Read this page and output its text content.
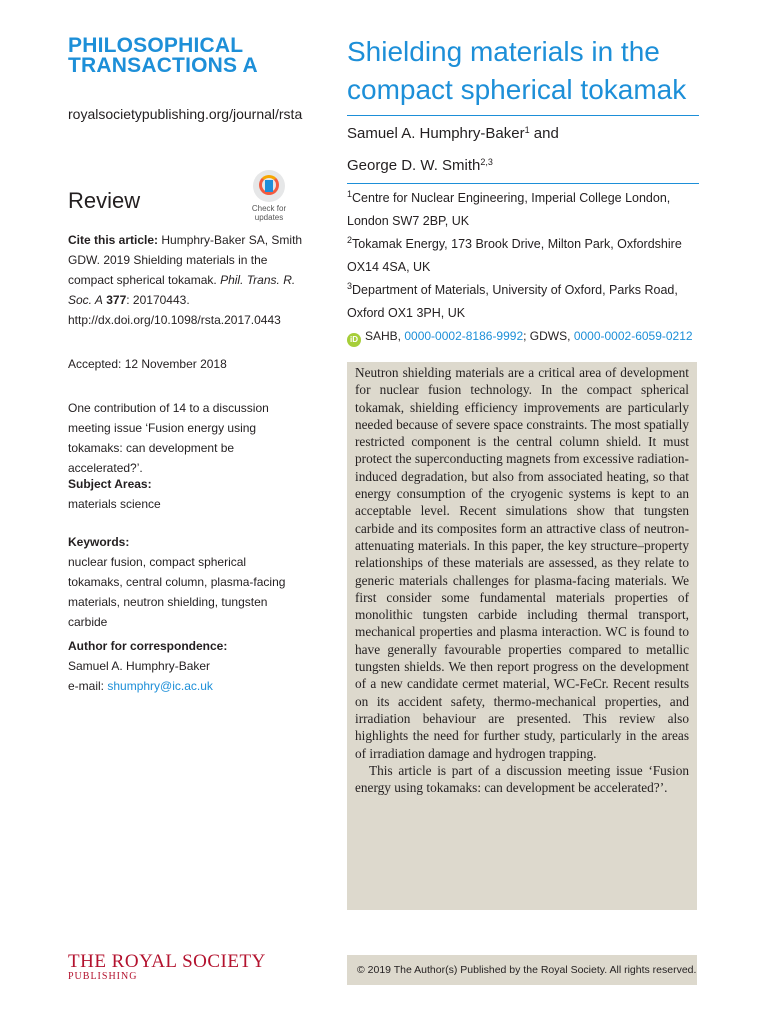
PHILOSOPHICAL
TRANSACTIONS A
royalsocietypublishing.org/journal/rsta
Review	Check for
updates
Cite this article: Humphry-Baker SA, Smith GDW. 2019 Shielding materials in the compact spherical tokamak. Phil. Trans. R. Soc. A 377: 20170443.
http://dx.doi.org/10.1098/rsta.2017.0443
Accepted: 12 November 2018
One contribution of 14 to a discussion meeting issue ‘Fusion energy using tokamaks: can development be accelerated?’.
Subject Areas:
materials science
Keywords:
nuclear fusion, compact spherical tokamaks, central column, plasma-facing materials, neutron shielding, tungsten carbide
Author for correspondence:
Samuel A. Humphry-Baker
e-mail: shumphry@ic.ac.uk
THE ROYAL SOCIETY
PUBLISHING
Shielding materials in the compact spherical tokamak
Samuel A. Humphry-Baker$^1$ and
George D. W. Smith$^{2,3}$
$^1$Centre for Nuclear Engineering, Imperial College London, London SW7 2BP, UK
$^2$Tokamak Energy, 173 Brook Drive, Milton Park, Oxfordshire OX14 4SA, UK
$^3$Department of Materials, University of Oxford, Parks Road, Oxford OX1 3PH, UK
iD SAHB, 0000-0002-8186-9992; GDWS, 0000-0002-6059-0212

Neutron shielding materials are a critical area of development for nuclear fusion technology. In the compact spherical tokamak, shielding efficiency improvements are particularly needed because of severe space constraints. The most spatially restricted component is the central column shield. It must protect the superconducting magnets from excessive radiation-induced degradation, but also from associated heating, so that energy consumption of the cryogenic systems is kept to an acceptable level. Recent simulations show that tungsten carbide and its composites form an attractive class of neutron-attenuating materials. In this paper, the key structure–property relationships of these materials are assessed, as they relate to generic materials challenges for plasma-facing materials. We first consider some fundamental materials properties of monolithic tungsten carbide including thermal transport, mechanical properties and plasma interaction. WC is found to have generally favourable properties compared to metallic tungsten shields. We then report progress on the development of a new candidate cermet material, WC-FeCr. Recent results on its accident safety, thermo-mechanical properties, and irradiation behaviour are presented. This review also highlights the need for further study, particularly in the areas of irradiation damage and hydrogen trapping.

This article is part of a discussion meeting issue ‘Fusion energy using tokamaks: can development be accelerated?’.

© 2019 The Author(s) Published by the Royal Society. All rights reserved.
